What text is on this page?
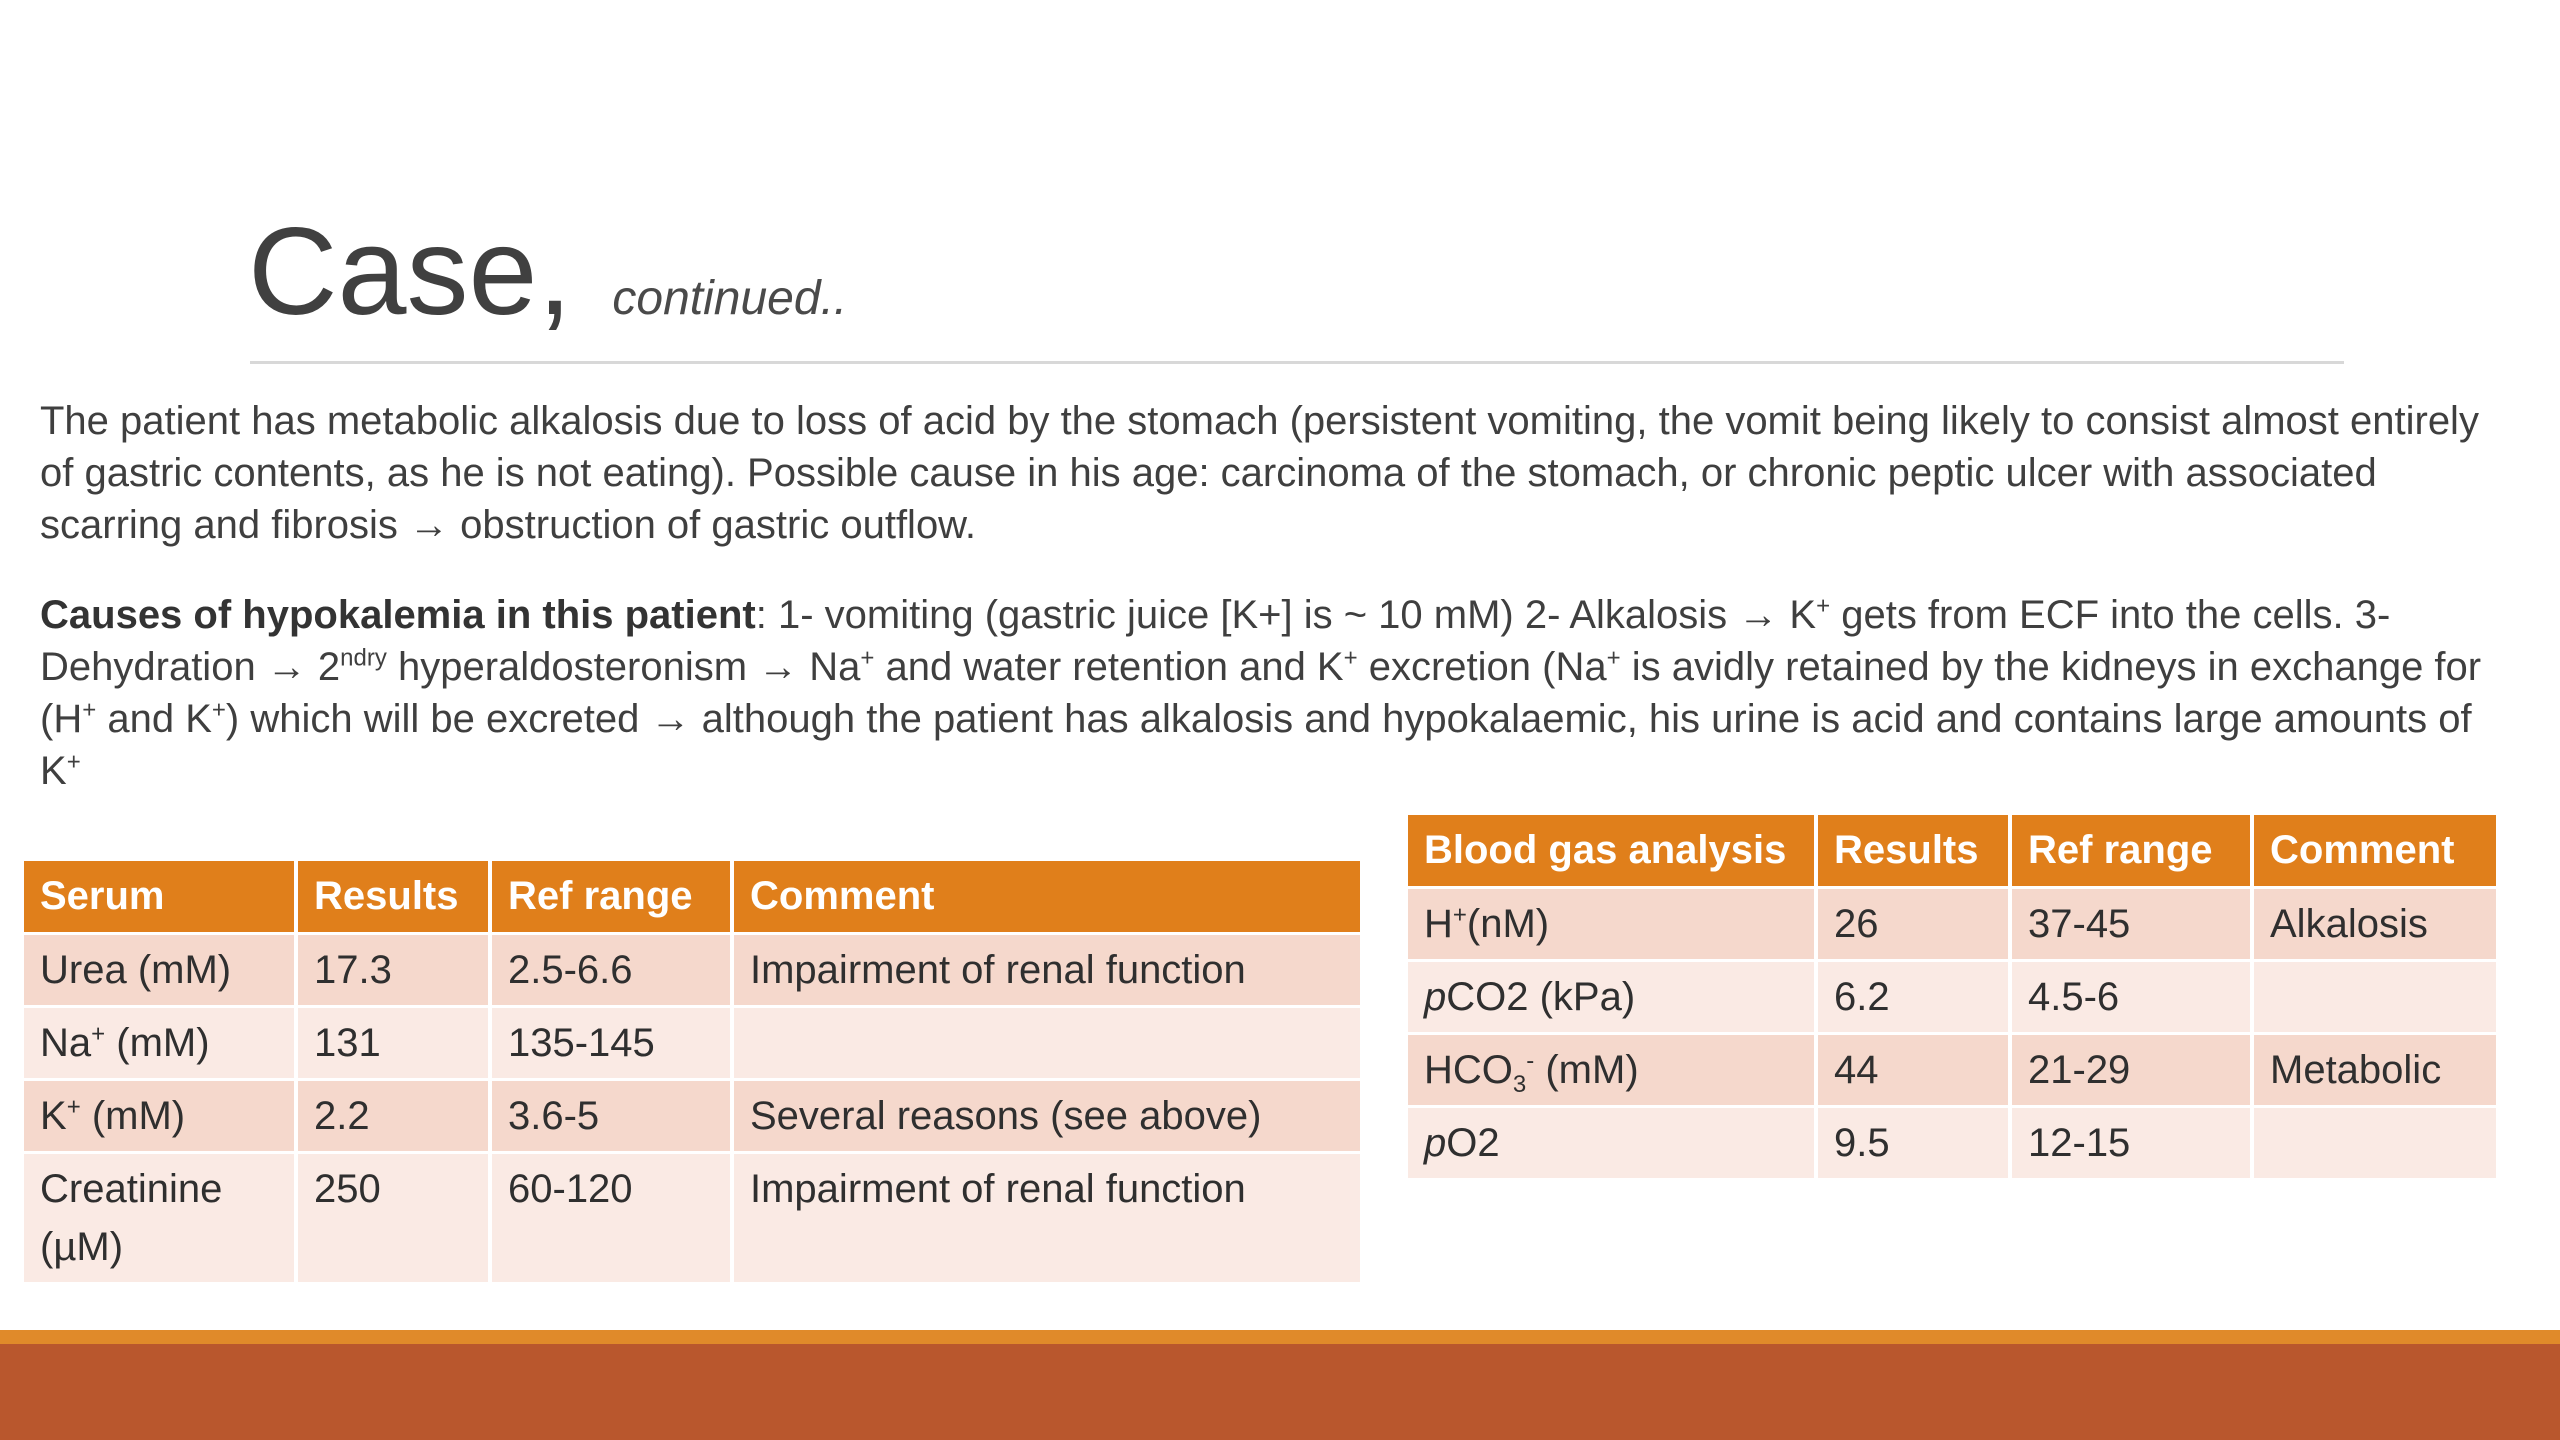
Case, continued..
The patient has metabolic alkalosis due to loss of acid by the stomach (persistent vomiting, the vomit being likely to consist almost entirely of gastric contents, as he is not eating). Possible cause in his age: carcinoma of the stomach, or chronic peptic ulcer with associated scarring and fibrosis → obstruction of gastric outflow.
Causes of hypokalemia in this patient: 1- vomiting (gastric juice [K+] is ~ 10 mM) 2- Alkalosis → K+ gets from ECF into the cells. 3- Dehydration → $2^{ndry}$ hyperaldosteronism → Na+ and water retention and K+ excretion (Na+ is avidly retained by the kidneys in exchange for (H+ and K+) which will be excreted → although the patient has alkalosis and hypokalaemic, his urine is acid and contains large amounts of K+
Serum	Results	Ref range	Comment
Urea (mM)	17.3	2.5-6.6	Impairment of renal function
Na+ (mM)	131	135-145	
K+ (mM)	2.2	3.6-5	Several reasons (see above)
Creatinine
(µM)	250	60-120	Impairment of renal function
Blood gas analysis	Results	Ref range	Comment
H+(nM)	26	37-45	Alkalosis
pCO2 (kPa)	6.2	4.5-6	
$HCO_3^-$ (mM)	44	21-29	Metabolic
pO2	9.5	12-15	
